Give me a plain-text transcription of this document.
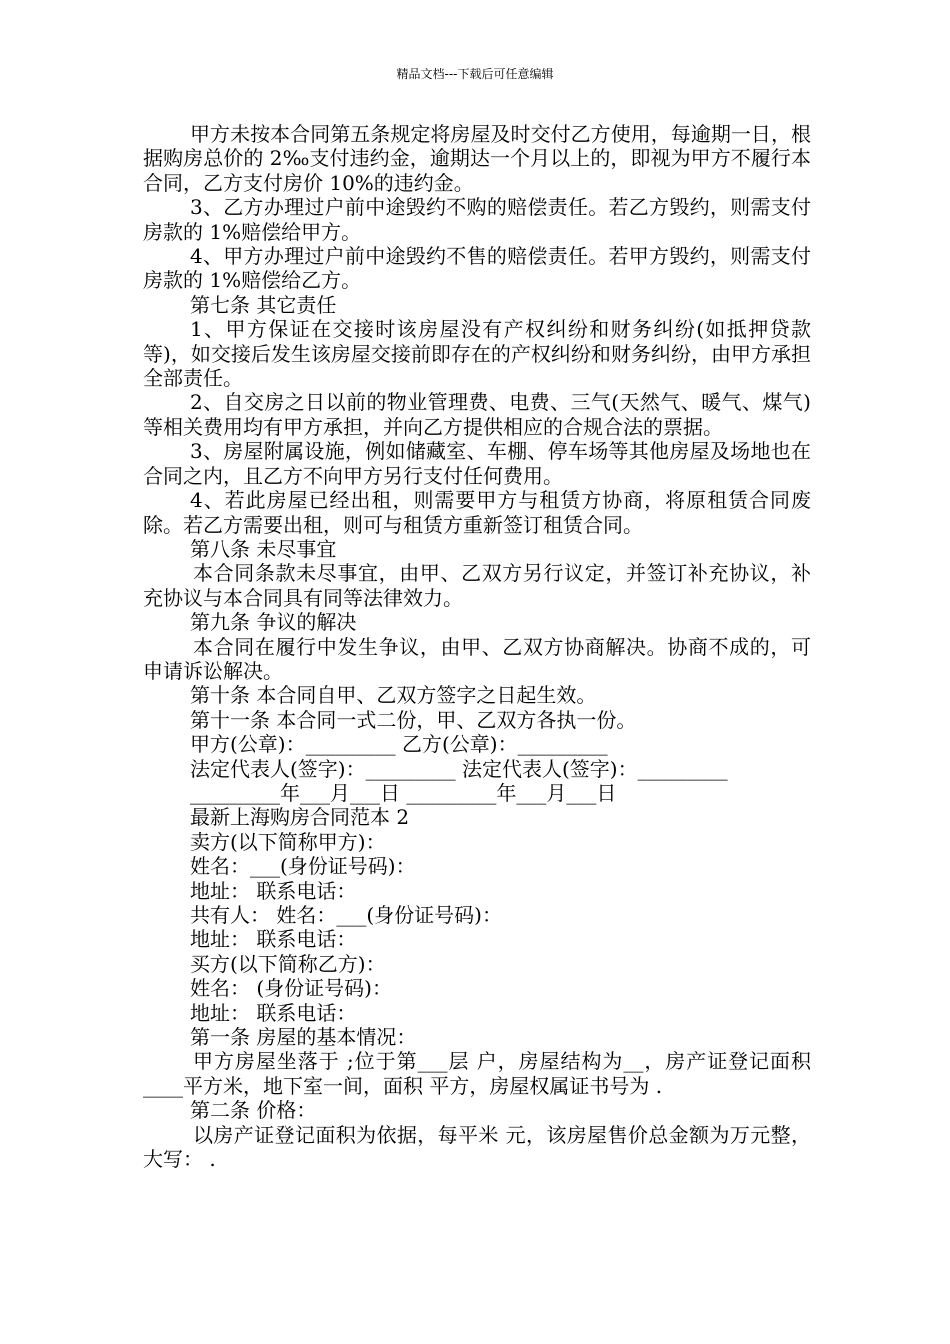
精品文档---下载后可任意编辑

甲方未按本合同第五条规定将房屋及时交付乙方使用，每逾期一日，根据购房总价的 2‰支付违约金，逾期达一个月以上的，即视为甲方不履行本合同，乙方支付房价 10%的违约金。

3、乙方办理过户前中途毁约不购的赔偿责任。若乙方毁约，则需支付房款的 1%赔偿给甲方。

4、甲方办理过户前中途毁约不售的赔偿责任。若甲方毁约，则需支付房款的 1%赔偿给乙方。

第七条 其它责任

1、甲方保证在交接时该房屋没有产权纠纷和财务纠纷(如抵押贷款等)，如交接后发生该房屋交接前即存在的产权纠纷和财务纠纷，由甲方承担全部责任。

2、自交房之日以前的物业管理费、电费、三气(天然气、暖气、煤气)等相关费用均有甲方承担，并向乙方提供相应的合规合法的票据。

3、房屋附属设施，例如储藏室、车棚、停车场等其他房屋及场地也在合同之内，且乙方不向甲方另行支付任何费用。

4、若此房屋已经出租，则需要甲方与租赁方协商，将原租赁合同废除。若乙方需要出租，则可与租赁方重新签订租赁合同。

第八条 未尽事宜

本合同条款未尽事宜，由甲、乙双方另行议定，并签订补充协议，补充协议与本合同具有同等法律效力。

第九条 争议的解决

本合同在履行中发生争议，由甲、乙双方协商解决。协商不成的，可申请诉讼解决。

第十条 本合同自甲、乙双方签字之日起生效。

第十一条 本合同一式二份，甲、乙双方各执一份。

甲方(公章)：_________ 乙方(公章)：_________

法定代表人(签字)：_________ 法定代表人(签字)：_________

_________年___月___日 _________年___月___日

最新上海购房合同范本 2

卖方(以下简称甲方)：

姓名：___(身份证号码)：

地址： 联系电话：

共有人： 姓名：___(身份证号码)：

地址： 联系电话：

买方(以下简称乙方)：

姓名： (身份证号码)：

地址： 联系电话：

第一条 房屋的基本情况：

甲方房屋坐落于 ;位于第___层 户，房屋结构为__，房产证登记面积____平方米，地下室一间，面积 平方，房屋权属证书号为 .

第二条 价格：

以房产证登记面积为依据，每平米 元，该房屋售价总金额为万元整，大写： .
